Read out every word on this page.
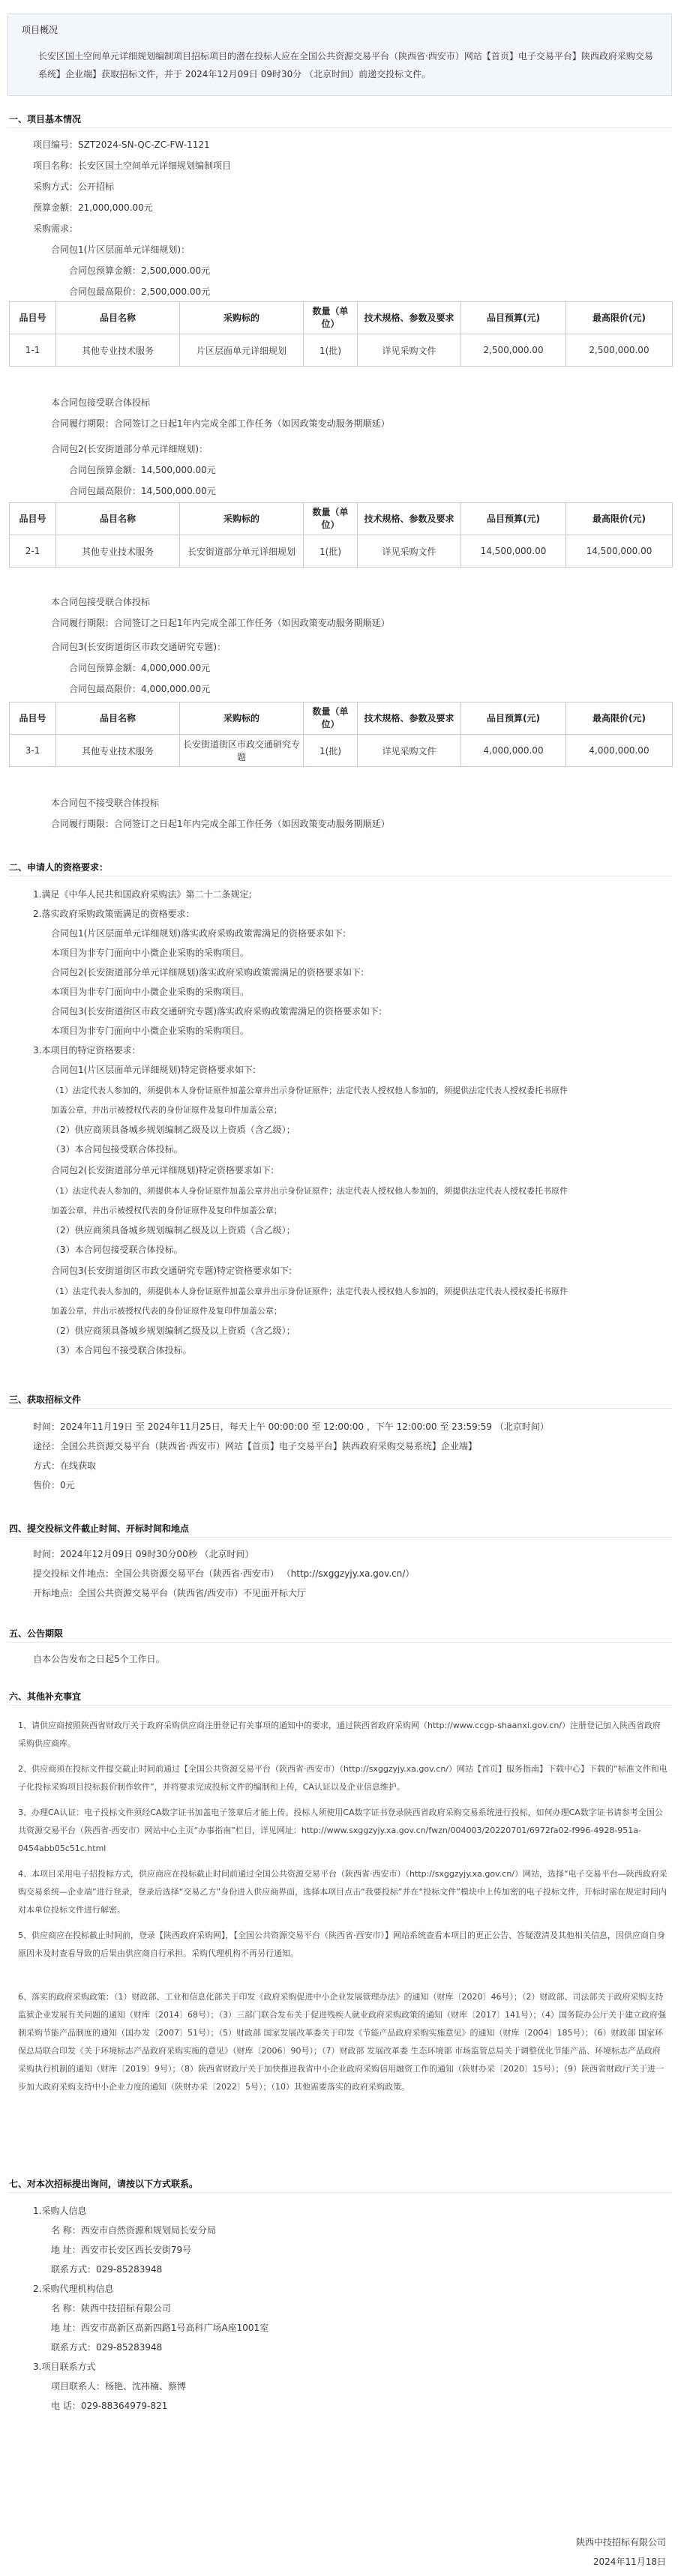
项目概况
长安区国土空间单元详细规划编制项目招标项目的潜在投标人应在全国公共资源交易平台（陕西省·西安市）网站【首页】电子交易平台】陕西政府采购交易系统】企业端】获取招标文件，并于 2024年12月09日 09时30分 （北京时间）前递交投标文件。
一、项目基本情况
项目编号：SZT2024-SN-QC-ZC-FW-1121
项目名称：长安区国土空间单元详细规划编制项目
采购方式：公开招标
预算金额：21,000,000.00元
采购需求：
合同包1(片区层面单元详细规划)：
合同包预算金额：2,500,000.00元
合同包最高限价：2,500,000.00元
品目号	品目名称	采购标的	数量（单位）	技术规格、参数及要求	品目预算(元)	最高限价(元)
1-1	其他专业技术服务	片区层面单元详细规划	1(批)	详见采购文件	2,500,000.00	2,500,000.00
本合同包接受联合体投标
合同履行期限：合同签订之日起1年内完成全部工作任务（如因政策变动服务期顺延）
合同包2(长安街道部分单元详细规划)：
合同包预算金额：14,500,000.00元
合同包最高限价：14,500,000.00元
品目号	品目名称	采购标的	数量（单位）	技术规格、参数及要求	品目预算(元)	最高限价(元)
2-1	其他专业技术服务	长安街道部分单元详细规划	1(批)	详见采购文件	14,500,000.00	14,500,000.00
本合同包接受联合体投标
合同履行期限：合同签订之日起1年内完成全部工作任务（如因政策变动服务期顺延）
合同包3(长安街道街区市政交通研究专题)：
合同包预算金额：4,000,000.00元
合同包最高限价：4,000,000.00元
品目号	品目名称	采购标的	数量（单位）	技术规格、参数及要求	品目预算(元)	最高限价(元)
3-1	其他专业技术服务	长安街道街区市政交通研究专题	1(批)	详见采购文件	4,000,000.00	4,000,000.00
本合同包不接受联合体投标
合同履行期限：合同签订之日起1年内完成全部工作任务（如因政策变动服务期顺延）
二、申请人的资格要求：
1.满足《中华人民共和国政府采购法》第二十二条规定;
2.落实政府采购政策需满足的资格要求：
合同包1(片区层面单元详细规划)落实政府采购政策需满足的资格要求如下:
本项目为非专门面向中小微企业采购的采购项目。
合同包2(长安街道部分单元详细规划)落实政府采购政策需满足的资格要求如下:
本项目为非专门面向中小微企业采购的采购项目。
合同包3(长安街道街区市政交通研究专题)落实政府采购政策需满足的资格要求如下:
本项目为非专门面向中小微企业采购的采购项目。
3.本项目的特定资格要求：
合同包1(片区层面单元详细规划)特定资格要求如下:
（1）法定代表人参加的，须提供本人身份证原件加盖公章并出示身份证原件；法定代表人授权他人参加的，须提供法定代表人授权委托书原件
加盖公章，并出示被授权代表的身份证原件及复印件加盖公章；
（2）供应商须具备城乡规划编制乙级及以上资质（含乙级）；
（3）本合同包接受联合体投标。
合同包2(长安街道部分单元详细规划)特定资格要求如下:
（1）法定代表人参加的，须提供本人身份证原件加盖公章并出示身份证原件；法定代表人授权他人参加的，须提供法定代表人授权委托书原件
加盖公章，并出示被授权代表的身份证原件及复印件加盖公章；
（2）供应商须具备城乡规划编制乙级及以上资质（含乙级）；
（3）本合同包接受联合体投标。
合同包3(长安街道街区市政交通研究专题)特定资格要求如下:
（1）法定代表人参加的，须提供本人身份证原件加盖公章并出示身份证原件；法定代表人授权他人参加的，须提供法定代表人授权委托书原件
加盖公章，并出示被授权代表的身份证原件及复印件加盖公章；
（2）供应商须具备城乡规划编制乙级及以上资质（含乙级）；
（3）本合同包不接受联合体投标。
三、获取招标文件
时间：2024年11月19日 至 2024年11月25日，每天上午 00:00:00 至 12:00:00 ，下午 12:00:00 至 23:59:59 （北京时间）
途径：全国公共资源交易平台（陕西省·西安市）网站【首页】电子交易平台】陕西政府采购交易系统】企业端】
方式：在线获取
售价：0元
四、提交投标文件截止时间、开标时间和地点
时间：2024年12月09日 09时30分00秒 （北京时间）
提交投标文件地点：全国公共资源交易平台（陕西省·西安市） （http://sxggzyjy.xa.gov.cn/）
开标地点：全国公共资源交易平台（陕西省/西安市）不见面开标大厅
五、公告期限
自本公告发布之日起5个工作日。
六、其他补充事宜
1、请供应商按照陕西省财政厅关于政府采购供应商注册登记有关事项的通知中的要求，通过陕西省政府采购网（http://www.ccgp-shaanxi.gov.cn/）注册登记加入陕西省政府采购供应商库。
2、供应商须在投标文件提交截止时间前通过【全国公共资源交易平台（陕西省·西安市）（http://sxggzyjy.xa.gov.cn/）网站【首页】服务指南】下载中心】下载的“标准文件和电子化投标采购项目投标报价制作软件”，并将要求完成投标文件的编制和上传，CA认证以及企业信息维护。
3、办理CA认证：电子投标文件须经CA数字证书加盖电子签章后才能上传。投标人须使用CA数字证书登录陕西省政府采购交易系统进行投标，如何办理CA数字证书请参考全国公共资源交易平台（陕西省·西安市）网站中心主页“办事指南”栏目，详见网址：http://www.sxggzyjy.xa.gov.cn/fwzn/004003/20220701/6972fa02-f996-4928-951a-0454abb05c51c.html
4、本项目采用电子招投标方式，供应商应在投标截止时间前通过全国公共资源交易平台（陕西省·西安市）（http://sxggzyjy.xa.gov.cn/）网站，选择“电子交易平台—陕西政府采购交易系统—企业端”进行登录，登录后选择“交易乙方”身份进入供应商界面，选择本项目点击“我要投标”并在“投标文件”模块中上传加密的电子投标文件，开标时需在规定时间内对本单位投标文件进行解密。
5、供应商应在投标截止时间前，登录【陕西政府采购网】，【全国公共资源交易平台（陕西省·西安市）】网站系统查看本项目的更正公告、答疑澄清及其他相关信息，因供应商自身原因未及时查看导致的后果由供应商自行承担。采购代理机构不再另行通知。
6、落实的政府采购政策：（1）财政部、工业和信息化部关于印发《政府采购促进中小企业发展管理办法》的通知（财库〔2020〕46号）；（2）财政部、司法部关于政府采购支持监狱企业发展有关问题的通知（财库〔2014〕68号）；（3）三部门联合发布关于促进残疾人就业政府采购政策的通知（财库〔2017〕141号）；（4）国务院办公厅关于建立政府强制采购节能产品制度的通知（国办发〔2007〕51号）；（5）财政部 国家发展改革委关于印发《节能产品政府采购实施意见》的通知（财库〔2004〕185号）；（6）财政部 国家环保总局联合印发《关于环境标志产品政府采购实施的意见》（财库〔2006〕90号）；（7）财政部 发展改革委 生态环境部 市场监管总局关于调整优化节能产品、环境标志产品政府采购执行机制的通知（财库〔2019〕9号）；（8）陕西省财政厅关于加快推进我省中小企业政府采购信用融资工作的通知（陕财办采〔2020〕15号）；（9）陕西省财政厅关于进一步加大政府采购支持中小企业力度的通知（陕财办采〔2022〕5号）；（10）其他需要落实的政府采购政策。
七、对本次招标提出询问，请按以下方式联系。
1.采购人信息
名 称：西安市自然资源和规划局长安分局
地 址：西安市长安区西长安街79号
联系方式：029-85283948
2.采购代理机构信息
名 称：陕西中技招标有限公司
地 址：西安市高新区高新四路1号高科广场A座1001室
联系方式：029-85283948
3.项目联系方式
项目联系人：杨艳、沈祎楠、蔡博
电 话：029-88364979-821
陕西中技招标有限公司
2024年11月18日
